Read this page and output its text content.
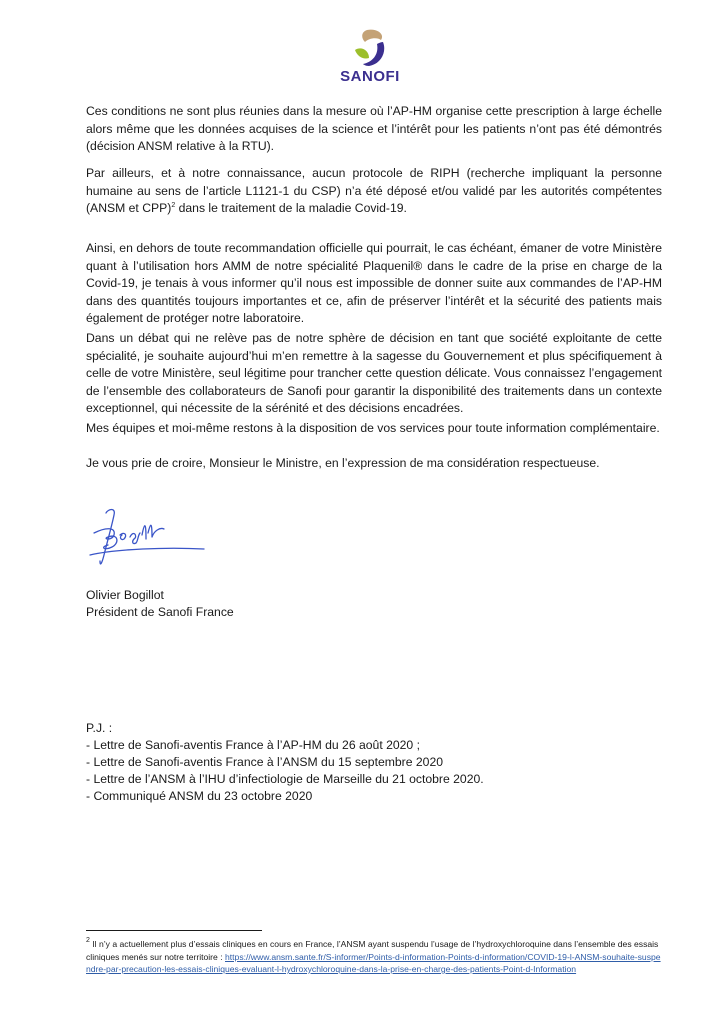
SANOFI

Ces conditions ne sont plus réunies dans la mesure où l’AP-HM organise cette prescription à large échelle alors même que les données acquises de la science et l’intérêt pour les patients n’ont pas été démontrés (décision ANSM relative à la RTU).

Par ailleurs, et à notre connaissance, aucun protocole de RIPH (recherche impliquant la personne humaine au sens de l’article L1121-1 du CSP) n’a été déposé et/ou validé par les autorités compétentes (ANSM et CPP)$^2$ dans le traitement de la maladie Covid-19.

Ainsi, en dehors de toute recommandation officielle qui pourrait, le cas échéant, émaner de votre Ministère quant à l’utilisation hors AMM de notre spécialité Plaquenil® dans le cadre de la prise en charge de la Covid-19, je tenais à vous informer qu’il nous est impossible de donner suite aux commandes de l’AP-HM dans des quantités toujours importantes et ce, afin de préserver l’intérêt et la sécurité des patients mais également de protéger notre laboratoire.

Dans un débat qui ne relève pas de notre sphère de décision en tant que société exploitante de cette spécialité, je souhaite aujourd’hui m’en remettre à la sagesse du Gouvernement et plus spécifiquement à celle de votre Ministère, seul légitime pour trancher cette question délicate. Vous connaissez l’engagement de l’ensemble des collaborateurs de Sanofi pour garantir la disponibilité des traitements dans un contexte exceptionnel, qui nécessite de la sérénité et des décisions encadrées.

Mes équipes et moi-même restons à la disposition de vos services pour toute information complémentaire.

Je vous prie de croire, Monsieur le Ministre, en l’expression de ma considération respectueuse.

Olivier Bogillot
Président de Sanofi France
P.J. :
- Lettre de Sanofi-aventis France à l’AP-HM du 26 août 2020 ;
- Lettre de Sanofi-aventis France à l’ANSM du 15 septembre 2020
- Lettre de l’ANSM à l’IHU d’infectiologie de Marseille du 21 octobre 2020.
- Communiqué ANSM du 23 octobre 2020
$^2$ Il n’y a actuellement plus d’essais cliniques en cours en France, l’ANSM ayant suspendu l’usage de l’hydroxychloroquine dans l’ensemble des essais cliniques menés sur notre territoire : https://www.ansm.sante.fr/S-informer/Points-d-information-Points-d-information/COVID-19-l-ANSM-souhaite-suspendre-par-precaution-les-essais-cliniques-evaluant-l-hydroxychloroquine-dans-la-prise-en-charge-des-patients-Point-d-Information
